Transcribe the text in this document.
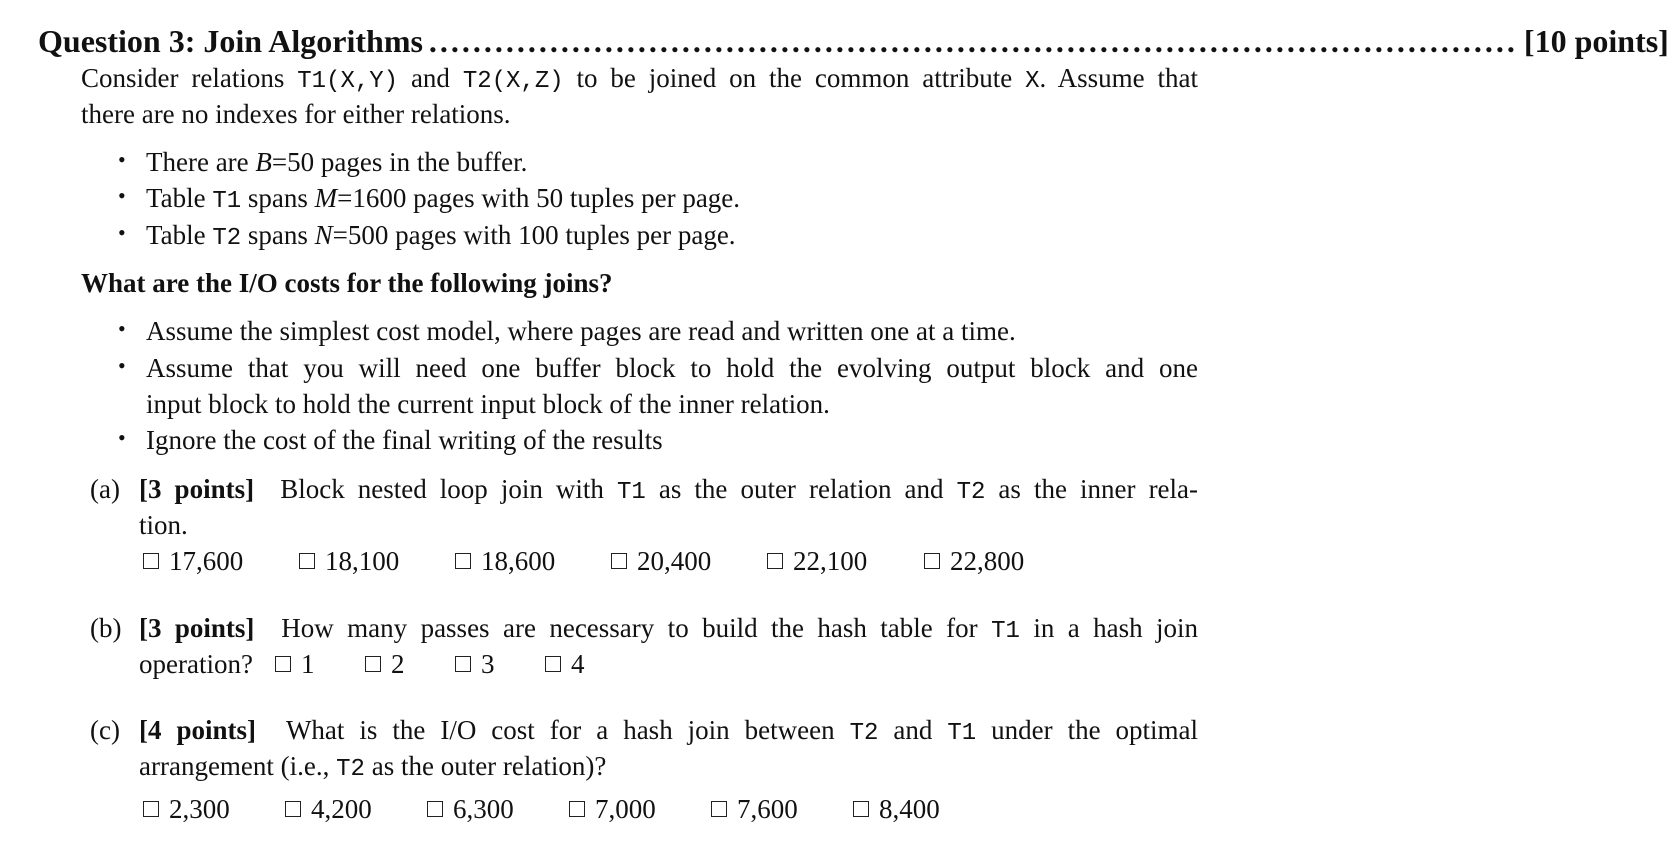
Question 3: Join Algorithms ................................................................................................... [10 points]
Consider relations T1(X,Y) and T2(X,Z) to be joined on the common attribute X. Assume that
there are no indexes for either relations.
• There are B=50 pages in the buffer.
• Table T1 spans M=1600 pages with 50 tuples per page.
• Table T2 spans N=500 pages with 100 tuples per page.
What are the I/O costs for the following joins?
• Assume the simplest cost model, where pages are read and written one at a time.
• Assume that you will need one buffer block to hold the evolving output block and one
input block to hold the current input block of the inner relation.
• Ignore the cost of the final writing of the results
(a) [3 points] Block nested loop join with T1 as the outer relation and T2 as the inner rela-
tion.
17,600	18,100	18,600	20,400	22,100	22,800
(b) [3 points] How many passes are necessary to build the hash table for T1 in a hash join
operation? 1	2	3	4
(c) [4 points] What is the I/O cost for a hash join between T2 and T1 under the optimal
arrangement (i.e., T2 as the outer relation)?
2,300	4,200	6,300	7,000	7,600	8,400
